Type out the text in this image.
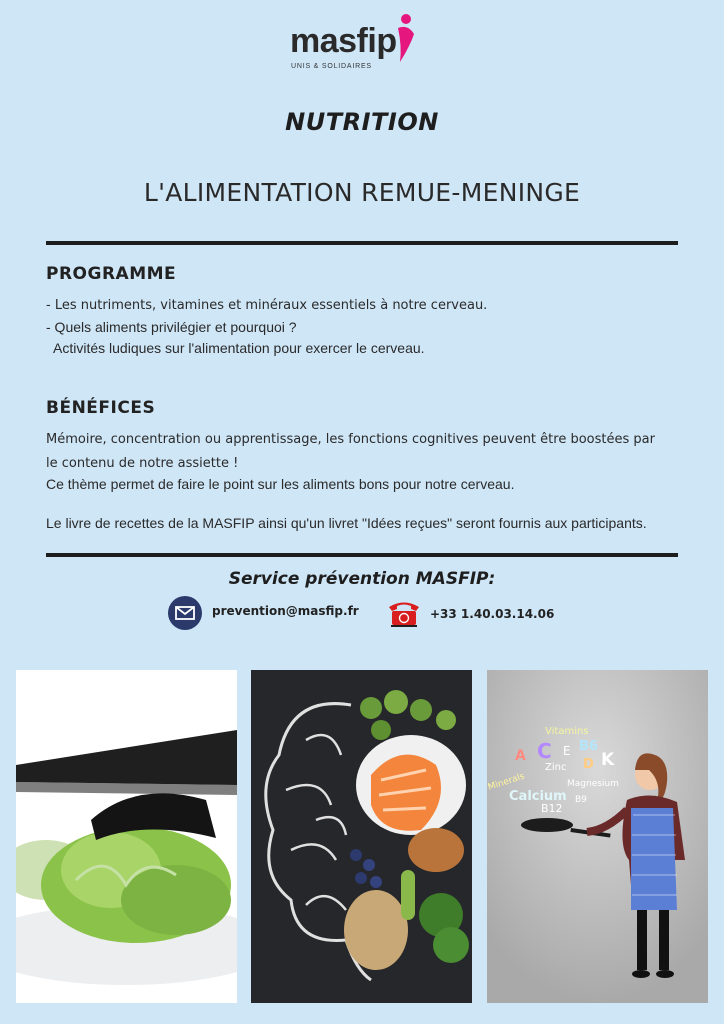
masfip
UNIS & SOLIDAIRES
NUTRITION
L'ALIMENTATION REMUE-MENINGE
PROGRAMME
- Les nutriments, vitamines et minéraux essentiels à notre cerveau.
- Quels aliments privilégier et pourquoi ?
Activités ludiques sur l'alimentation pour exercer le cerveau.
BÉNÉFICES
Mémoire, concentration ou apprentissage, les fonctions cognitives peuvent être boostées par
le contenu de notre assiette !
Ce thème permet de faire le point sur les aliments bons pour notre cerveau.
Le livre de recettes de la MASFIP ainsi qu'un livret "Idées reçues" seront fournis aux participants.
Service prévention MASFIP:
prevention@masfip.fr	+33 1.40.03.14.06
Vitamins
A C E B6
D K
Minerals
Zinc
Calcium
Magnesium
B12
B9
